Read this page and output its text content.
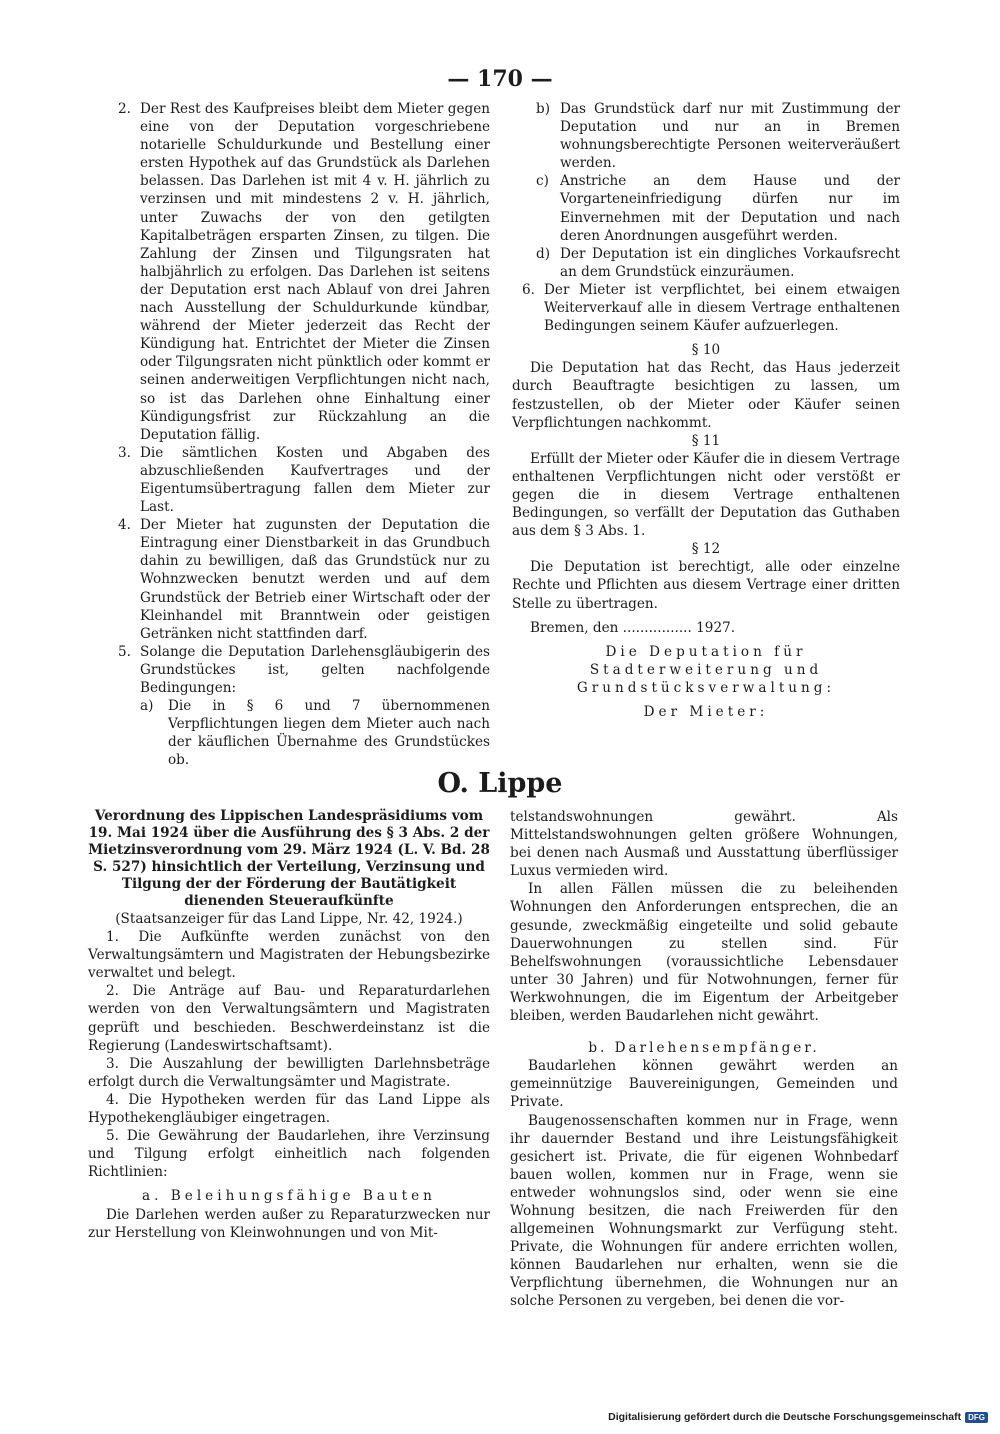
— 170 —
2. Der Rest des Kaufpreises bleibt dem Mieter gegen eine von der Deputation vorgeschriebene notarielle Schuldurkunde und Bestellung einer ersten Hypothek auf das Grundstück als Darlehen belassen. Das Darlehen ist mit 4 v. H. jährlich zu verzinsen und mit mindestens 2 v. H. jährlich, unter Zuwachs der von den getilgten Kapitalbeträgen ersparten Zinsen, zu tilgen. Die Zahlung der Zinsen und Tilgungsraten hat halbjährlich zu erfolgen. Das Darlehen ist seitens der Deputation erst nach Ablauf von drei Jahren nach Ausstellung der Schuldurkunde kündbar, während der Mieter jederzeit das Recht der Kündigung hat. Entrichtet der Mieter die Zinsen oder Tilgungsraten nicht pünktlich oder kommt er seinen anderweitigen Verpflichtungen nicht nach, so ist das Darlehen ohne Einhaltung einer Kündigungsfrist zur Rückzahlung an die Deputation fällig.

3. Die sämtlichen Kosten und Abgaben des abzuschließenden Kaufvertrages und der Eigentumsübertragung fallen dem Mieter zur Last.

4. Der Mieter hat zugunsten der Deputation die Eintragung einer Dienstbarkeit in das Grundbuch dahin zu bewilligen, daß das Grundstück nur zu Wohnzwecken benutzt werden und auf dem Grundstück der Betrieb einer Wirtschaft oder der Kleinhandel mit Branntwein oder geistigen Getränken nicht stattfinden darf.

5. Solange die Deputation Darlehensgläubigerin des Grundstückes ist, gelten nachfolgende Bedingungen:

a) Die in § 6 und 7 übernommenen Verpflichtungen liegen dem Mieter auch nach der käuflichen Übernahme des Grundstückes ob.

b) Das Grundstück darf nur mit Zustimmung der Deputation und nur an in Bremen wohnungsberechtigte Personen weiterveräußert werden.

c) Anstriche an dem Hause und der Vorgarteneinfriedigung dürfen nur im Einvernehmen mit der Deputation und nach deren Anordnungen ausgeführt werden.

d) Der Deputation ist ein dingliches Vorkaufsrecht an dem Grundstück einzuräumen.

6. Der Mieter ist verpflichtet, bei einem etwaigen Weiterverkauf alle in diesem Vertrage enthaltenen Bedingungen seinem Käufer aufzuerlegen.

§ 10

Die Deputation hat das Recht, das Haus jederzeit durch Beauftragte besichtigen zu lassen, um festzustellen, ob der Mieter oder Käufer seinen Verpflichtungen nachkommt.

§ 11

Erfüllt der Mieter oder Käufer die in diesem Vertrage enthaltenen Verpflichtungen nicht oder verstößt er gegen die in diesem Vertrage enthaltenen Bedingungen, so verfällt der Deputation das Guthaben aus dem § 3 Abs. 1.

§ 12

Die Deputation ist berechtigt, alle oder einzelne Rechte und Pflichten aus diesem Vertrage einer dritten Stelle zu übertragen.

Bremen, den ................ 1927.

Die Deputation für Stadterweiterung und Grundstücksverwaltung:

Der Mieter:

O. Lippe

Verordnung des Lippischen Landespräsidiums vom 19. Mai 1924 über die Ausführung des § 3 Abs. 2 der Mietzinsverordnung vom 29. März 1924 (L. V. Bd. 28 S. 527) hinsichtlich der Verteilung, Verzinsung und Tilgung der der Förderung der Bautätigkeit dienenden Steueraufkünfte

(Staatsanzeiger für das Land Lippe, Nr. 42, 1924.)

1. Die Aufkünfte werden zunächst von den Verwaltungsämtern und Magistraten der Hebungsbezirke verwaltet und belegt.

2. Die Anträge auf Bau- und Reparaturdarlehen werden von den Verwaltungsämtern und Magistraten geprüft und beschieden. Beschwerdeinstanz ist die Regierung (Landeswirtschaftsamt).

3. Die Auszahlung der bewilligten Darlehnsbeträge erfolgt durch die Verwaltungsämter und Magistrate.

4. Die Hypotheken werden für das Land Lippe als Hypothekengläubiger eingetragen.

5. Die Gewährung der Baudarlehen, ihre Verzinsung und Tilgung erfolgt einheitlich nach folgenden Richtlinien:

a. Beleihungsfähige Bauten

Die Darlehen werden außer zu Reparaturzwecken nur zur Herstellung von Kleinwohnungen und von Mit-

telstandswohnungen gewährt. Als Mittelstandswohnungen gelten größere Wohnungen, bei denen nach Ausmaß und Ausstattung überflüssiger Luxus vermieden wird.

In allen Fällen müssen die zu beleihenden Wohnungen den Anforderungen entsprechen, die an gesunde, zweckmäßig eingeteilte und solid gebaute Dauerwohnungen zu stellen sind. Für Behelfswohnungen (voraussichtliche Lebensdauer unter 30 Jahren) und für Notwohnungen, ferner für Werkwohnungen, die im Eigentum der Arbeitgeber bleiben, werden Baudarlehen nicht gewährt.

b. Darlehensempfänger.

Baudarlehen können gewährt werden an gemeinnützige Bauvereinigungen, Gemeinden und Private.

Baugenossenschaften kommen nur in Frage, wenn ihr dauernder Bestand und ihre Leistungsfähigkeit gesichert ist. Private, die für eigenen Wohnbedarf bauen wollen, kommen nur in Frage, wenn sie entweder wohnungslos sind, oder wenn sie eine Wohnung besitzen, die nach Freiwerden für den allgemeinen Wohnungsmarkt zur Verfügung steht. Private, die Wohnungen für andere errichten wollen, können Baudarlehen nur erhalten, wenn sie die Verpflichtung übernehmen, die Wohnungen nur an solche Personen zu vergeben, bei denen die vor-

Digitalisierung gefördert durch die Deutsche Forschungsgemeinschaft DFG
